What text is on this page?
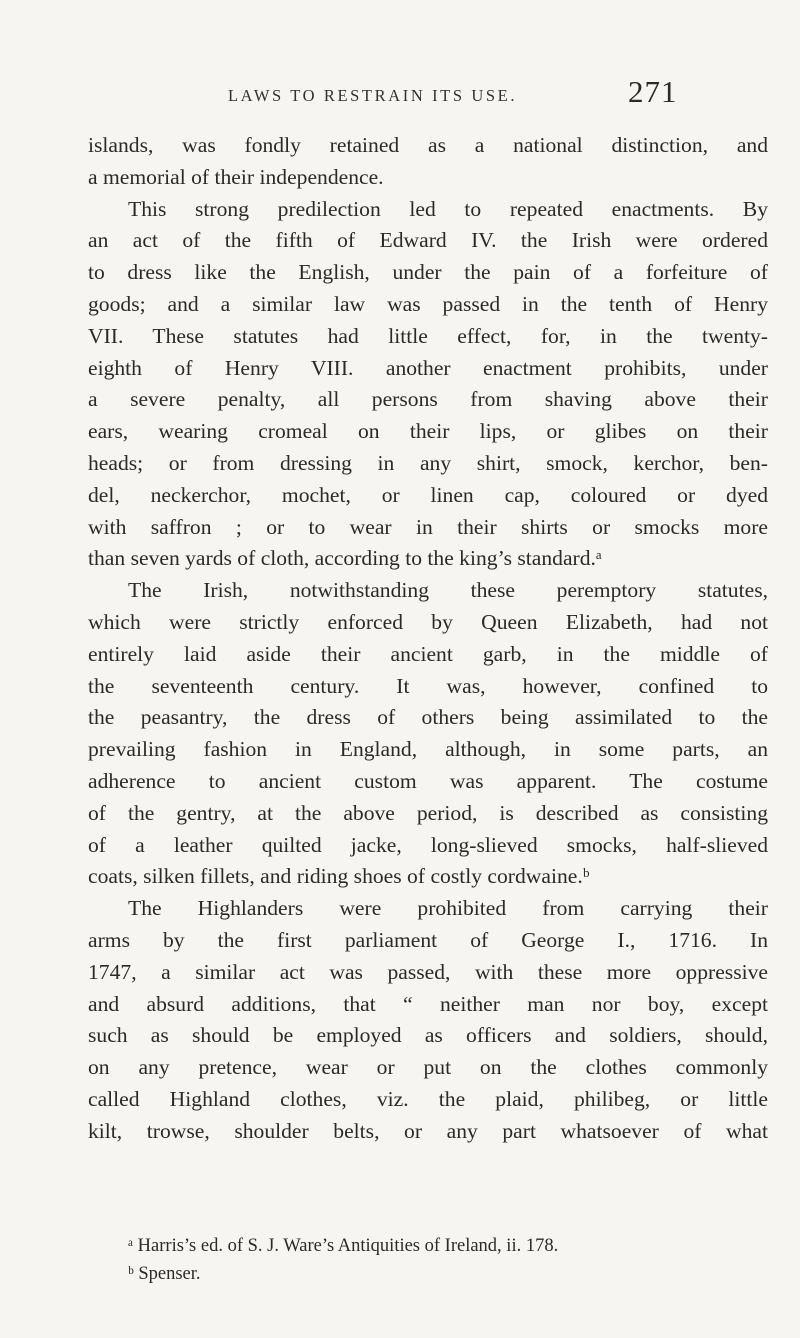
LAWS TO RESTRAIN ITS USE.	271
islands, was fondly retained as a national distinction, and
a memorial of their independence.
This strong predilection led to repeated enactments. By
an act of the fifth of Edward IV. the Irish were ordered
to dress like the English, under the pain of a forfeiture of
goods; and a similar law was passed in the tenth of Henry
VII. These statutes had little effect, for, in the twenty-
eighth of Henry VIII. another enactment prohibits, under
a severe penalty, all persons from shaving above their
ears, wearing cromeal on their lips, or glibes on their
heads; or from dressing in any shirt, smock, kerchor, ben-
del, neckerchor, mochet, or linen cap, coloured or dyed
with saffron ; or to wear in their shirts or smocks more
than seven yards of cloth, according to the king’s standard.ᵃ
The Irish, notwithstanding these peremptory statutes,
which were strictly enforced by Queen Elizabeth, had not
entirely laid aside their ancient garb, in the middle of
the seventeenth century. It was, however, confined to
the peasantry, the dress of others being assimilated to the
prevailing fashion in England, although, in some parts, an
adherence to ancient custom was apparent. The costume
of the gentry, at the above period, is described as consisting
of a leather quilted jacke, long-slieved smocks, half-slieved
coats, silken fillets, and riding shoes of costly cordwaine.ᵇ
The Highlanders were prohibited from carrying their
arms by the first parliament of George I., 1716. In
1747, a similar act was passed, with these more oppressive
and absurd additions, that “ neither man nor boy, except
such as should be employed as officers and soldiers, should,
on any pretence, wear or put on the clothes commonly
called Highland clothes, viz. the plaid, philibeg, or little
kilt, trowse, shoulder belts, or any part whatsoever of what
ᵃ Harris’s ed. of S. J. Ware’s Antiquities of Ireland, ii. 178.
ᵇ Spenser.
